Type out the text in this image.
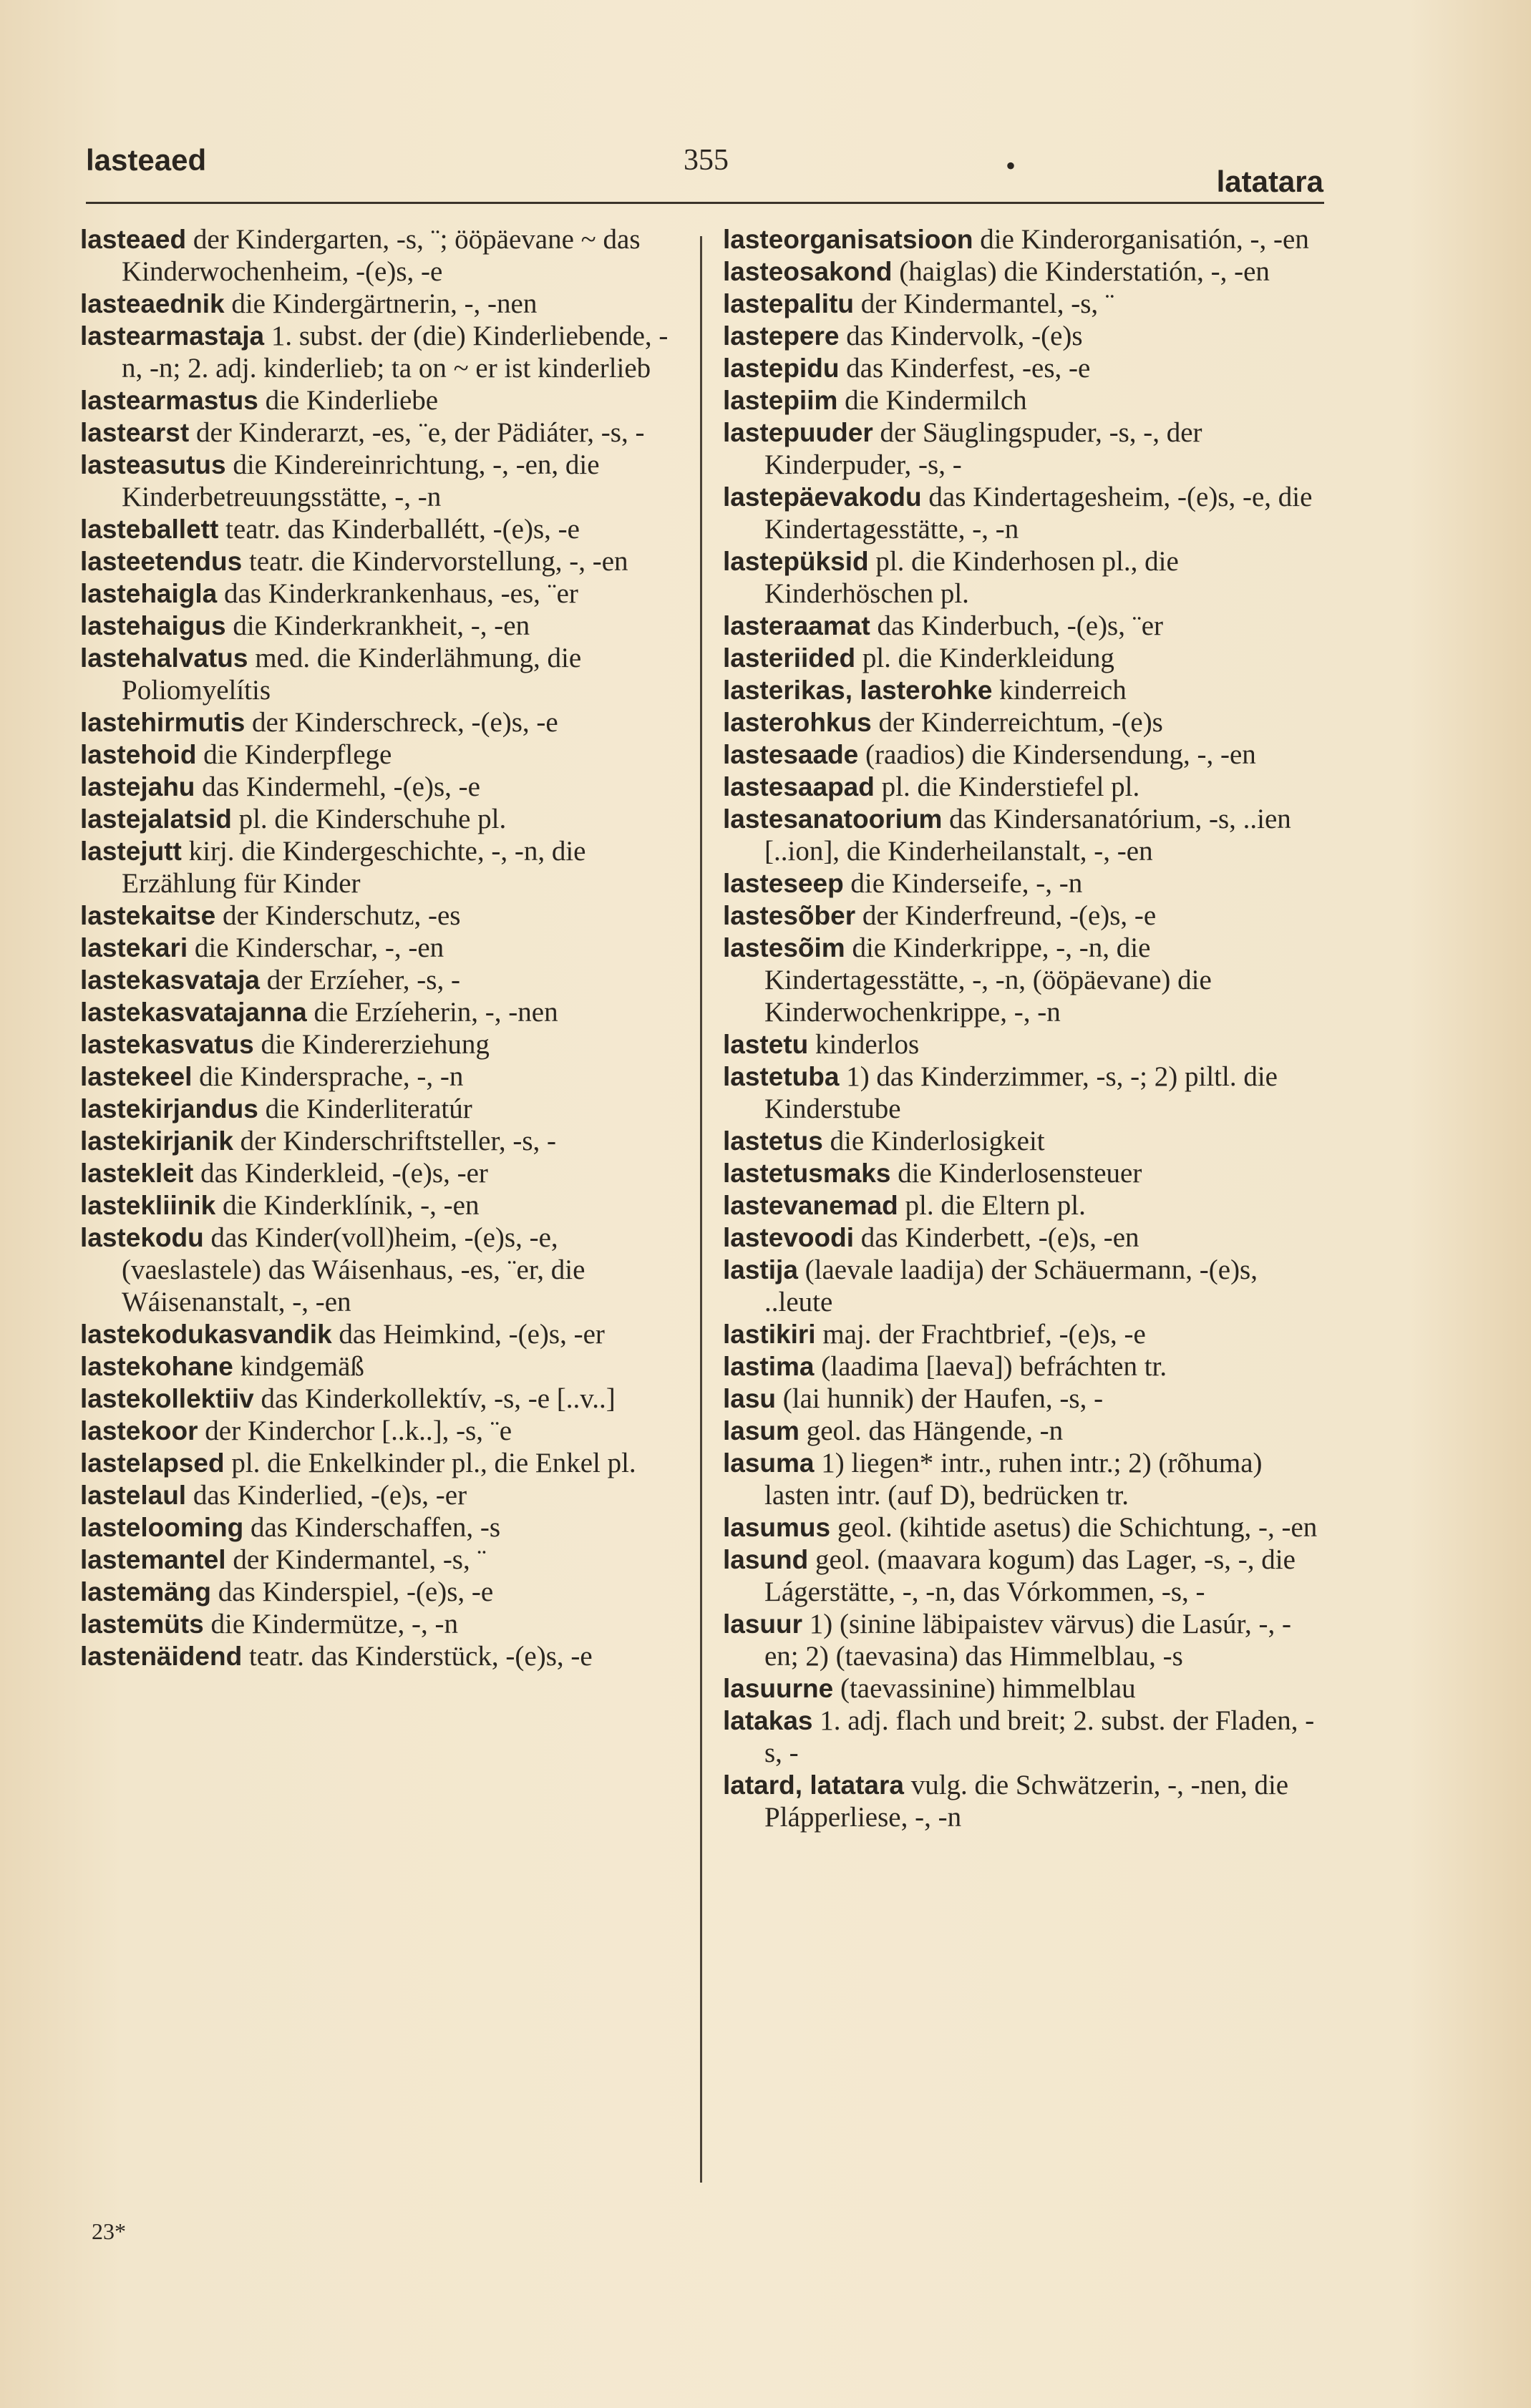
lasteaed	355	•	latatara

lasteaed der Kindergarten, -s, ¨; ööpäevane ~ das Kinderwochenheim, -(e)s, -e

lasteaednik die Kindergärtnerin, -, -nen

lastearmastaja 1. subst. der (die) Kinderliebende, -n, -n; 2. adj. kinderlieb; ta on ~ er ist kinderlieb

lastearmastus die Kinderliebe

lastearst der Kinderarzt, -es, ¨e, der Pädiáter, -s, -

lasteasutus die Kindereinrichtung, -, -en, die Kinderbetreuungsstätte, -, -n

lasteballett teatr. das Kinderballétt, -(e)s, -e

lasteetendus teatr. die Kindervorstellung, -, -en

lastehaigla das Kinderkrankenhaus, -es, ¨er

lastehaigus die Kinderkrankheit, -, -en

lastehalvatus med. die Kinderlähmung, die Poliomyelítis

lastehirmutis der Kinderschreck, -(e)s, -e

lastehoid die Kinderpflege

lastejahu das Kindermehl, -(e)s, -e

lastejalatsid pl. die Kinderschuhe pl.

lastejutt kirj. die Kindergeschichte, -, -n, die Erzählung für Kinder

lastekaitse der Kinderschutz, -es

lastekari die Kinderschar, -, -en

lastekasvataja der Erzíeher, -s, -

lastekasvatajanna die Erzíeherin, -, -nen

lastekasvatus die Kindererziehung

lastekeel die Kindersprache, -, -n

lastekirjandus die Kinderliteratúr

lastekirjanik der Kinderschriftsteller, -s, -

lastekleit das Kinderkleid, -(e)s, -er

lastekliinik die Kinderklínik, -, -en

lastekodu das Kinder(voll)heim, -(e)s, -e, (vaeslastele) das Wáisenhaus, -es, ¨er, die Wáisenanstalt, -, -en

lastekodukasvandik das Heimkind, -(e)s, -er

lastekohane kindgemäß

lastekollektiiv das Kinderkollektív, -s, -e [..v..]

lastekoor der Kinderchor [..k..], -s, ¨e

lastelapsed pl. die Enkelkinder pl., die Enkel pl.

lastelaul das Kinderlied, -(e)s, -er

lastelooming das Kinderschaffen, -s

lastemantel der Kindermantel, -s, ¨

lastemäng das Kinderspiel, -(e)s, -e

lastemüts die Kindermütze, -, -n

lastenäidend teatr. das Kinderstück, -(e)s, -e

lasteorganisatsioon die Kinderorganisatión, -, -en

lasteosakond (haiglas) die Kinderstatión, -, -en

lastepalitu der Kindermantel, -s, ¨

lastepere das Kindervolk, -(e)s

lastepidu das Kinderfest, -es, -e

lastepiim die Kindermilch

lastepuuder der Säuglingspuder, -s, -, der Kinderpuder, -s, -

lastepäevakodu das Kindertagesheim, -(e)s, -e, die Kindertagesstätte, -, -n

lastepüksid pl. die Kinderhosen pl., die Kinderhöschen pl.

lasteraamat das Kinderbuch, -(e)s, ¨er

lasteriided pl. die Kinderkleidung

lasterikas, lasterohke kinderreich

lasterohkus der Kinderreichtum, -(e)s

lastesaade (raadios) die Kindersendung, -, -en

lastesaapad pl. die Kinderstiefel pl.

lastesanatoorium das Kindersanatórium, -s, ..ien [..ion], die Kinderheilanstalt, -, -en

lasteseep die Kinderseife, -, -n

lastesõber der Kinderfreund, -(e)s, -e

lastesõim die Kinderkrippe, -, -n, die Kindertagesstätte, -, -n, (ööpäevane) die Kinderwochenkrippe, -, -n

lastetu kinderlos

lastetuba 1) das Kinderzimmer, -s, -; 2) piltl. die Kinderstube

lastetus die Kinderlosigkeit

lastetusmaks die Kinderlosensteuer

lastevanemad pl. die Eltern pl.

lastevoodi das Kinderbett, -(e)s, -en

lastija (laevale laadija) der Schäuermann, -(e)s, ..leute

lastikiri maj. der Frachtbrief, -(e)s, -e

lastima (laadima [laeva]) befráchten tr.

lasu (lai hunnik) der Haufen, -s, -

lasum geol. das Hängende, -n

lasuma 1) liegen* intr., ruhen intr.; 2) (rõhuma) lasten intr. (auf D), bedrücken tr.

lasumus geol. (kihtide asetus) die Schichtung, -, -en

lasund geol. (maavara kogum) das Lager, -s, -, die Lágerstätte, -, -n, das Vórkommen, -s, -

lasuur 1) (sinine läbipaistev värvus) die Lasúr, -, -en; 2) (taevasina) das Himmelblau, -s

lasuurne (taevassinine) himmelblau

latakas 1. adj. flach und breit; 2. subst. der Fladen, -s, -

latard, latatara vulg. die Schwätzerin, -, -nen, die Plápperliese, -, -n

23*
